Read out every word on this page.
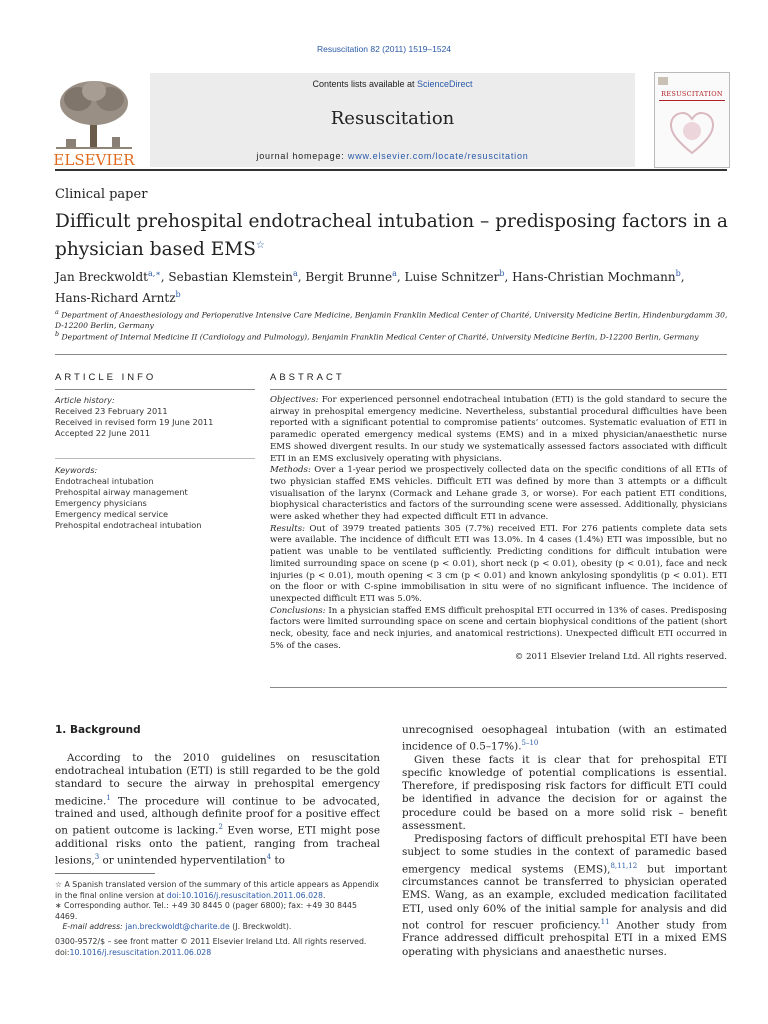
Resuscitation 82 (2011) 1519–1524
ELSEVIER
Contents lists available at ScienceDirect
Resuscitation
journal homepage: www.elsevier.com/locate/resuscitation
RESUSCITATION
Clinical paper
Difficult prehospital endotracheal intubation – predisposing factors in a physician based EMS☆
Jan Breckwoldt$^{a,∗}$, Sebastian Klemstein$^a$, Bergit Brunne$^a$, Luise Schnitzer$^b$, Hans-Christian Mochmann$^b$,
Hans-Richard Arntz$^b$
$^a$ Department of Anaesthesiology and Perioperative Intensive Care Medicine, Benjamin Franklin Medical Center of Charité, University Medicine Berlin, Hindenburgdamm 30, D-12200 Berlin, Germany
$^b$ Department of Internal Medicine II (Cardiology and Pulmology), Benjamin Franklin Medical Center of Charité, University Medicine Berlin, D-12200 Berlin, Germany
ARTICLE INFO
Article history:
Received 23 February 2011
Received in revised form 19 June 2011
Accepted 22 June 2011
Keywords:
Endotracheal intubation
Prehospital airway management
Emergency physicians
Emergency medical service
Prehospital endotracheal intubation
ABSTRACT

Objectives: For experienced personnel endotracheal intubation (ETI) is the gold standard to secure the airway in prehospital emergency medicine. Nevertheless, substantial procedural difficulties have been reported with a significant potential to compromise patients’ outcomes. Systematic evaluation of ETI in paramedic operated emergency medical systems (EMS) and in a mixed physician/anaesthetic nurse EMS showed divergent results. In our study we systematically assessed factors associated with difficult ETI in an EMS exclusively operating with physicians.

Methods: Over a 1-year period we prospectively collected data on the specific conditions of all ETIs of two physician staffed EMS vehicles. Difficult ETI was defined by more than 3 attempts or a difficult visualisation of the larynx (Cormack and Lehane grade 3, or worse). For each patient ETI conditions, biophysical characteristics and factors of the surrounding scene were assessed. Additionally, physicians were asked whether they had expected difficult ETI in advance.

Results: Out of 3979 treated patients 305 (7.7%) received ETI. For 276 patients complete data sets were available. The incidence of difficult ETI was 13.0%. In 4 cases (1.4%) ETI was impossible, but no patient was unable to be ventilated sufficiently. Predicting conditions for difficult intubation were limited surrounding space on scene (p < 0.01), short neck (p < 0.01), obesity (p < 0.01), face and neck injuries (p < 0.01), mouth opening < 3 cm (p < 0.01) and known ankylosing spondylitis (p < 0.01). ETI on the floor or with C-spine immobilisation in situ were of no significant influence. The incidence of unexpected difficult ETI was 5.0%.

Conclusions: In a physician staffed EMS difficult prehospital ETI occurred in 13% of cases. Predisposing factors were limited surrounding space on scene and certain biophysical conditions of the patient (short neck, obesity, face and neck injuries, and anatomical restrictions). Unexpected difficult ETI occurred in 5% of the cases.

© 2011 Elsevier Ireland Ltd. All rights reserved.

1. Background

According to the 2010 guidelines on resuscitation endotracheal intubation (ETI) is still regarded to be the gold standard to secure the airway in prehospital emergency medicine.$^1$ The procedure will continue to be advocated, trained and used, although definite proof for a positive effect on patient outcome is lacking.$^2$ Even worse, ETI might pose additional risks onto the patient, ranging from tracheal lesions,$^3$ or unintended hyperventilation$^4$ to

☆ A Spanish translated version of the summary of this article appears as Appendix in the final online version at doi:10.1016/j.resuscitation.2011.06.028.
∗ Corresponding author. Tel.: +49 30 8445 0 (pager 6800); fax: +49 30 8445 4469.
E-mail address: jan.breckwoldt@charite.de (J. Breckwoldt).
0300-9572/$ – see front matter © 2011 Elsevier Ireland Ltd. All rights reserved.
doi:10.1016/j.resuscitation.2011.06.028

unrecognised oesophageal intubation (with an estimated incidence of 0.5–17%).$^{5-10}$

Given these facts it is clear that for prehospital ETI specific knowledge of potential complications is essential. Therefore, if predisposing risk factors for difficult ETI could be identified in advance the decision for or against the procedure could be based on a more solid risk – benefit assessment.

Predisposing factors of difficult prehospital ETI have been subject to some studies in the context of paramedic based emergency medical systems (EMS),$^{8,11,12}$ but important circumstances cannot be transferred to physician operated EMS. Wang, as an example, excluded medication facilitated ETI, used only 60% of the initial sample for analysis and did not control for rescuer proficiency.$^{11}$ Another study from France addressed difficult prehospital ETI in a mixed EMS operating with physicians and anaesthetic nurses.
